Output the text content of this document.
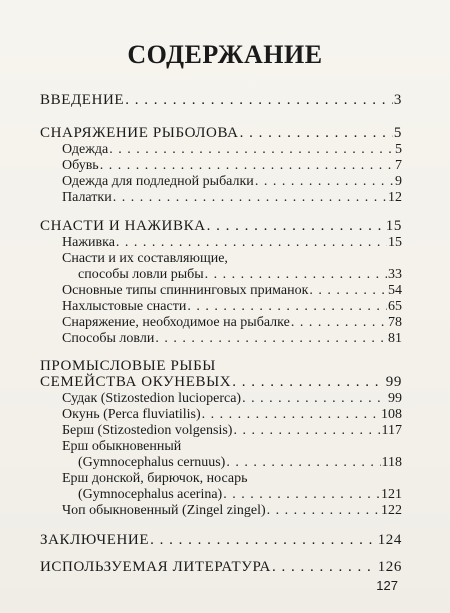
СОДЕРЖАНИЕ
ВВЕДЕНИЕ . . .	3
СНАРЯЖЕНИЕ РЫБОЛОВА . . .	5
Одежда . . .	5
Обувь . . .	7
Одежда для подледной рыбалки . . .	9
Палатки . . .	12
СНАСТИ И НАЖИВКА . . .	15
Наживка . . .	15
Снасти и их составляющие,
способы ловли рыбы . . .	33
Основные типы спиннинговых приманок . . .	54
Нахлыстовые снасти . . .	65
Снаряжение, необходимое на рыбалке . . .	78
Способы ловли . . .	81
ПРОМЫСЛОВЫЕ РЫБЫ
СЕМЕЙСТВА ОКУНЕВЫХ . . .	99
Судак (Stizostedion lucioperca) . . .	99
Окунь (Perca fluviatilis) . . .	108
Берш (Stizostedion volgensis) . . .	117
Ерш обыкновенный
(Gymnocephalus cernuus) . . .	118
Ерш донской, бирючок, носарь
(Gymnocephalus acerina) . . .	121
Чоп обыкновенный (Zingel zingel) . . .	122
ЗАКЛЮЧЕНИЕ . . .	124
ИСПОЛЬЗУЕМАЯ ЛИТЕРАТУРА . . .	126
127
